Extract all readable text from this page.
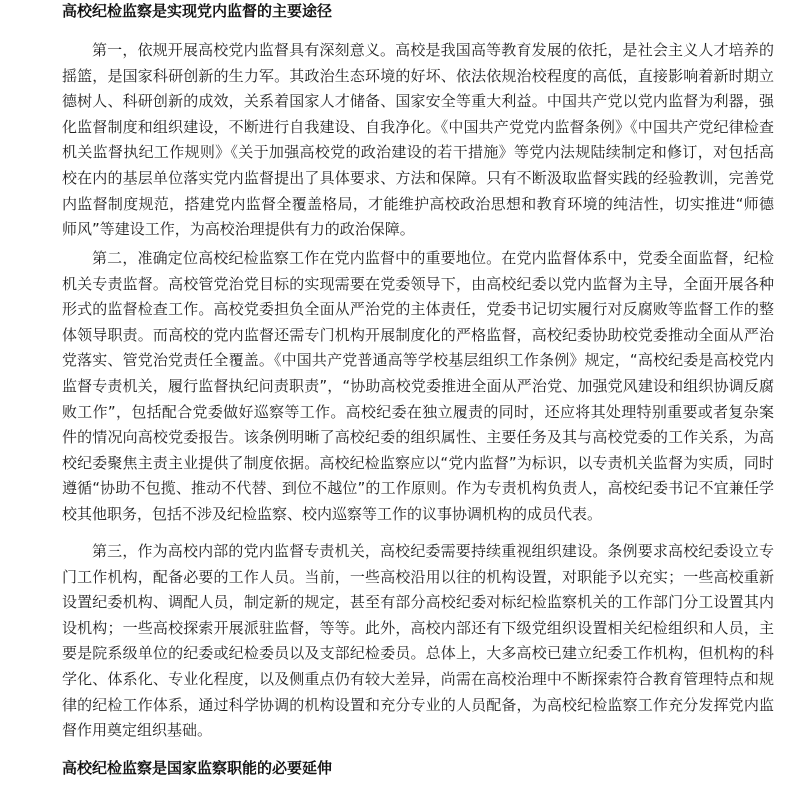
高校纪检监察是实现党内监督的主要途径

第一，依规开展高校党内监督具有深刻意义。高校是我国高等教育发展的依托，是社会主义人才培养的摇篮，是国家科研创新的生力军。其政治生态环境的好坏、依法依规治校程度的高低，直接影响着新时期立德树人、科研创新的成效，关系着国家人才储备、国家安全等重大利益。中国共产党以党内监督为利器，强化监督制度和组织建设，不断进行自我建设、自我净化。《中国共产党党内监督条例》《中国共产党纪律检查机关监督执纪工作规则》《关于加强高校党的政治建设的若干措施》等党内法规陆续制定和修订，对包括高校在内的基层单位落实党内监督提出了具体要求、方法和保障。只有不断汲取监督实践的经验教训，完善党内监督制度规范，搭建党内监督全覆盖格局，才能维护高校政治思想和教育环境的纯洁性，切实推进“师德师风”等建设工作，为高校治理提供有力的政治保障。

第二，准确定位高校纪检监察工作在党内监督中的重要地位。在党内监督体系中，党委全面监督，纪检机关专责监督。高校管党治党目标的实现需要在党委领导下，由高校纪委以党内监督为主导，全面开展各种形式的监督检查工作。高校党委担负全面从严治党的主体责任，党委书记切实履行对反腐败等监督工作的整体领导职责。而高校的党内监督还需专门机构开展制度化的严格监督，高校纪委协助校党委推动全面从严治党落实、管党治党责任全覆盖。《中国共产党普通高等学校基层组织工作条例》规定，“高校纪委是高校党内监督专责机关，履行监督执纪问责职责”，“协助高校党委推进全面从严治党、加强党风建设和组织协调反腐败工作”，包括配合党委做好巡察等工作。高校纪委在独立履责的同时，还应将其处理特别重要或者复杂案件的情况向高校党委报告。该条例明晰了高校纪委的组织属性、主要任务及其与高校党委的工作关系，为高校纪委聚焦主责主业提供了制度依据。高校纪检监察应以“党内监督”为标识，以专责机关监督为实质，同时遵循“协助不包揽、推动不代替、到位不越位”的工作原则。作为专责机构负责人，高校纪委书记不宜兼任学校其他职务，包括不涉及纪检监察、校内巡察等工作的议事协调机构的成员代表。

第三，作为高校内部的党内监督专责机关，高校纪委需要持续重视组织建设。条例要求高校纪委设立专门工作机构，配备必要的工作人员。当前，一些高校沿用以往的机构设置，对职能予以充实；一些高校重新设置纪委机构、调配人员，制定新的规定，甚至有部分高校纪委对标纪检监察机关的工作部门分工设置其内设机构；一些高校探索开展派驻监督，等等。此外，高校内部还有下级党组织设置相关纪检组织和人员，主要是院系级单位的纪委或纪检委员以及支部纪检委员。总体上，大多高校已建立纪委工作机构，但机构的科学化、体系化、专业化程度，以及侧重点仍有较大差异，尚需在高校治理中不断探索符合教育管理特点和规律的纪检工作体系，通过科学协调的机构设置和充分专业的人员配备，为高校纪检监察工作充分发挥党内监督作用奠定组织基础。

高校纪检监察是国家监察职能的必要延伸
